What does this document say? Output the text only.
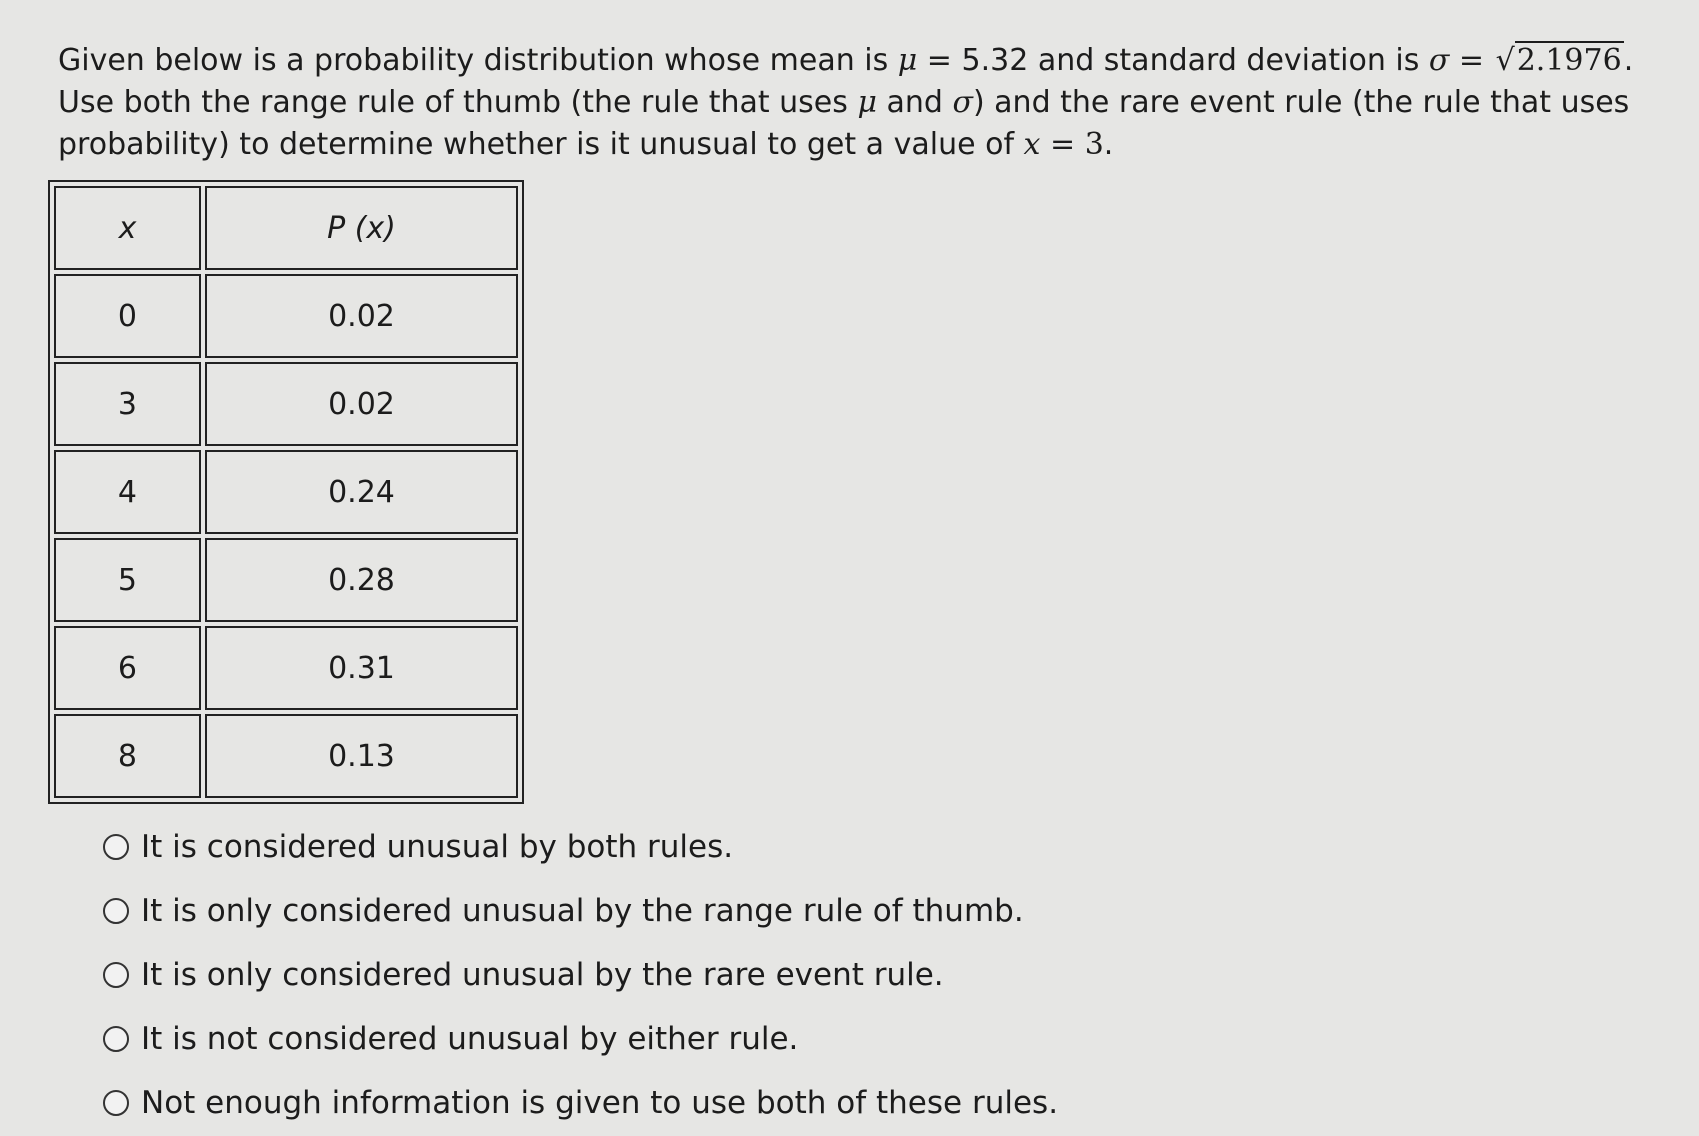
Given below is a probability distribution whose mean is μ = 5.32 and standard deviation is σ = √2.1976. Use both the range rule of thumb (the rule that uses μ and σ) and the rare event rule (the rule that uses probability) to determine whether is it unusual to get a value of x = 3.
x	P (x)
0	0.02
3	0.02
4	0.24
5	0.28
6	0.31
8	0.13
It is considered unusual by both rules.
It is only considered unusual by the range rule of thumb.
It is only considered unusual by the rare event rule.
It is not considered unusual by either rule.
Not enough information is given to use both of these rules.
